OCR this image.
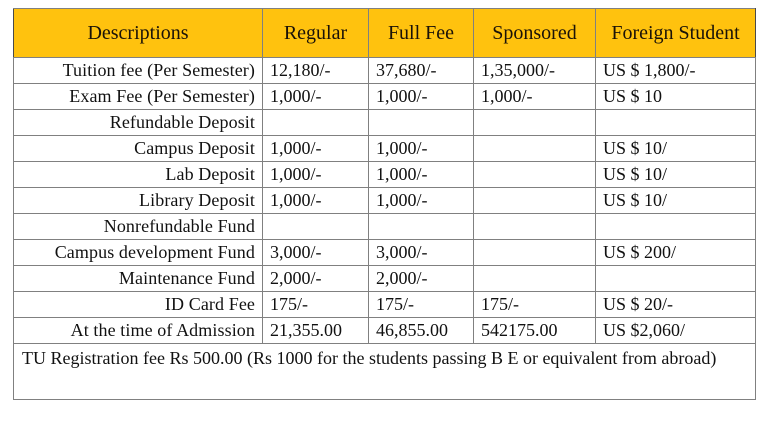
Descriptions	Regular	Full Fee	Sponsored	Foreign Student
Tuition fee (Per Semester)	12,180/-	37,680/-	1,35,000/-	US $ 1,800/-
Exam Fee (Per Semester)	1,000/-	1,000/-	1,000/-	US $ 10
Refundable Deposit				
Campus Deposit	1,000/-	1,000/-		US $ 10/
Lab Deposit	1,000/-	1,000/-		US $ 10/
Library Deposit	1,000/-	1,000/-		US $ 10/
Nonrefundable Fund				
Campus development Fund	3,000/-	3,000/-		US $ 200/
Maintenance Fund	2,000/-	2,000/-		
ID Card Fee	175/-	175/-	175/-	US $ 20/-
At the time of Admission	21,355.00	46,855.00	542175.00	US $2,060/

TU Registration fee Rs 500.00 (Rs 1000 for the students passing B E or equivalent from abroad)				
